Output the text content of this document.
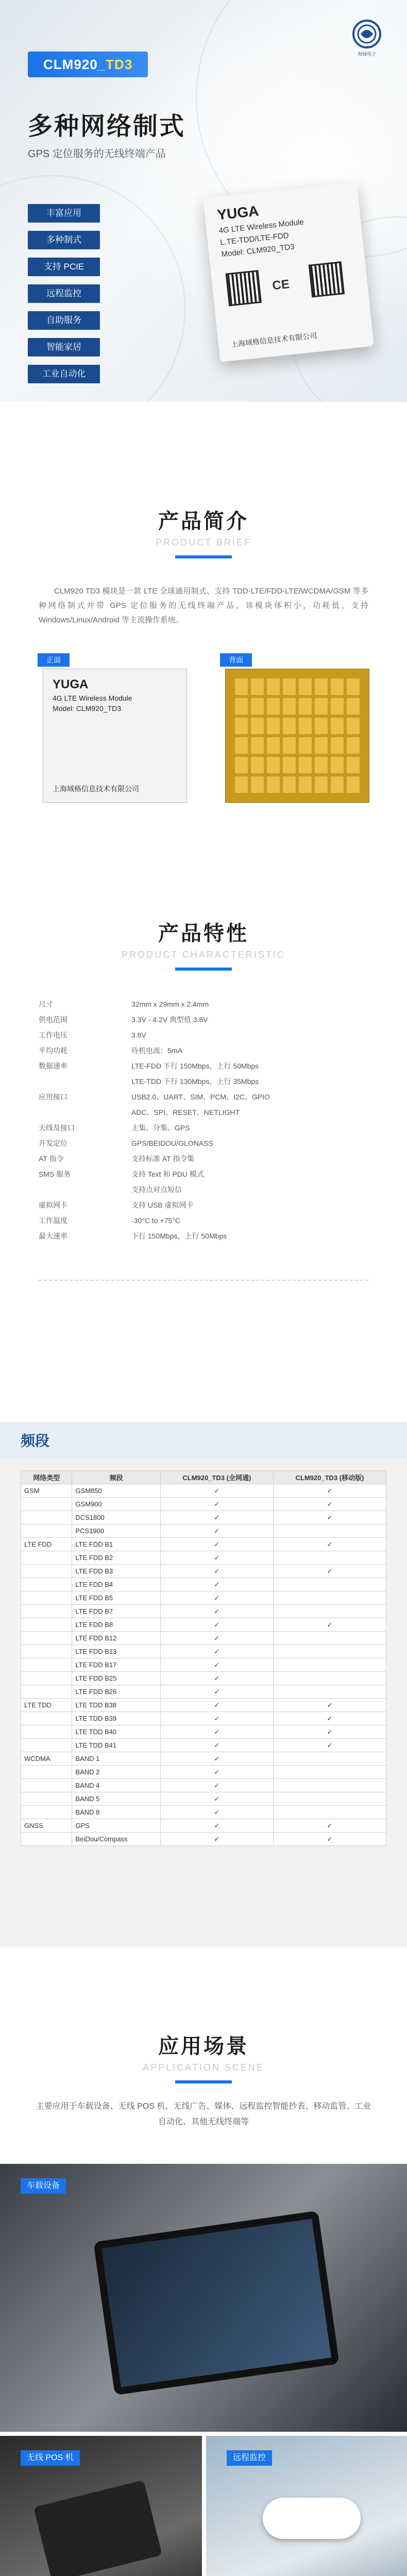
CLM920_TD3
海域电子
多种网络制式
GPS 定位服务的无线终端产品
丰富应用
多种制式
支持 PCIE
远程监控
自助服务
智能家居
工业自动化
YUGA
4G LTE Wireless Module
L.TE-TDD/LTE-FDD
Model: CLM920_TD3
CE
上海域格信息技术有限公司
产品简介
PRODUCT BRIEF

CLM920 TD3 模块是一款 LTE 全球通用制式、支持 TDD-LTE/FDD-LTE/WCDMA/GSM 等多种网络制式并带 GPS 定位服务的无线终端产品，该模块体积小，功耗低，支持 Windows/Linux/Android 等主流操作系统。

正面
YUGA
4G LTE Wireless Module
Model: CLM920_TD3
上海域格信息技术有限公司
背面
产品特性
PRODUCT CHARACTERISTIC
尺寸	32mm x 29mm x 2.4mm
供电范围	3.3V - 4.2V 典型值 3.8V
工作电压	3.8V
平均功耗	待机电流：5mA
数据速率	LTE-FDD 下行 150Mbps，上行 50Mbps
LTE-TDD 下行 130Mbps，上行 35Mbps
应用接口	USB2.0、UART、SIM、PCM、I2C、GPIO
ADC、SPI、RESET、NETLIGHT
天线及接口	主集、分集、GPS
开发定位	GPS/BEIDOU/GLONASS
AT 指令	支持标准 AT 指令集
SMS 服务	支持 Text 和 PDU 模式
支持点对点短信
虚拟网卡	支持 USB 虚拟网卡
工作温度	-30°C to +75°C
最大速率	下行 150Mbps，上行 50Mbps
频段
网络类型	频段	CLM920_TD3 (全网通)	CLM920_TD3 (移动版)
GSM	GSM850	✓	✓
	GSM900	✓	✓
	DCS1800	✓	✓
	PCS1900	✓	
LTE FDD	LTE FDD B1	✓	✓
	LTE FDD B2	✓	
	LTE FDD B3	✓	✓
	LTE FDD B4	✓	
	LTE FDD B5	✓	
	LTE FDD B7	✓	
	LTE FDD B8	✓	✓
	LTE FDD B12	✓	
	LTE FDD B13	✓	
	LTE FDD B17	✓	
	LTE FDD B25	✓	
	LTE FDD B26	✓	
LTE TDD	LTE TDD B38	✓	✓
	LTE TDD B39	✓	✓
	LTE TDD B40	✓	✓
	LTE TDD B41	✓	✓
WCDMA	BAND 1	✓	
	BAND 2	✓	
	BAND 4	✓	
	BAND 5	✓	
	BAND 8	✓	
GNSS	GPS	✓	✓
	BeiDou/Compass	✓	✓
应用场景
APPLICATION SCENE

主要应用于车载设备、无线 POS 机、无线广告、媒体、远程监控智能抄表、移动监管、工业自动化、其他无线终端等

车载设备
无线 POS 机	远程监控
